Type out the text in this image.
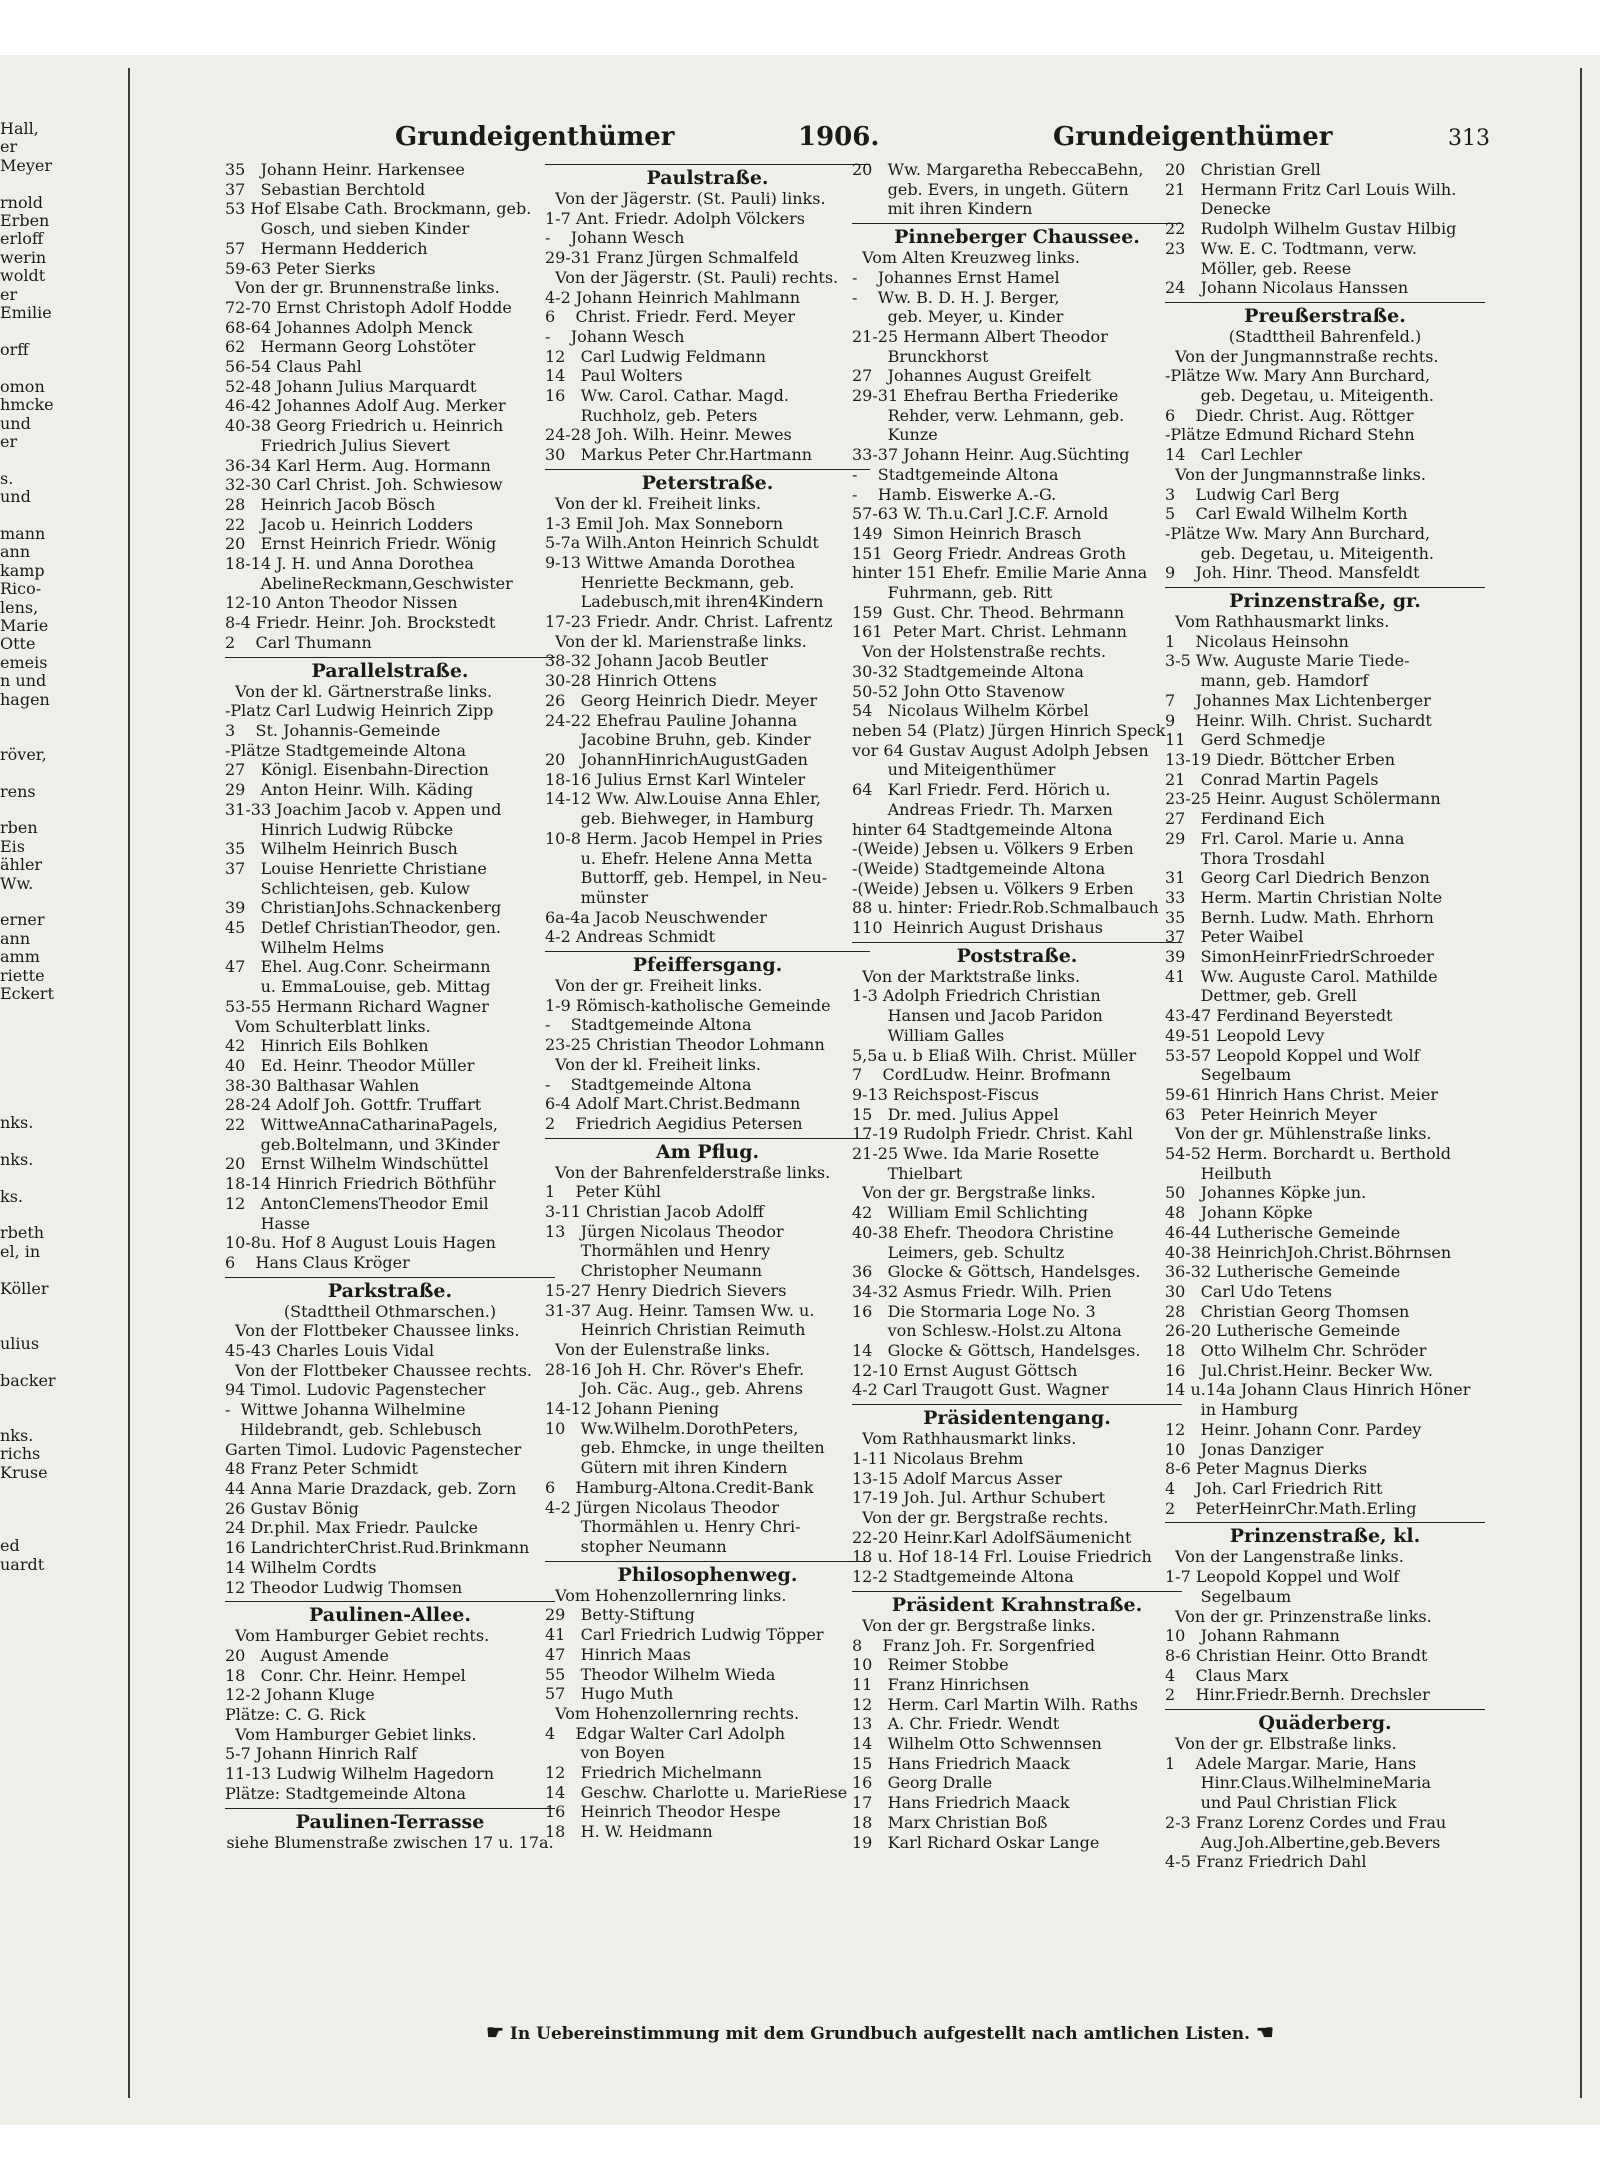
Hall,
er
Meyer

rnold
Erben
erloff
werin
woldt
er
Emilie

orff

omon
hmcke
und
er

s.
und

mann
ann
kamp
Rico-
lens,
Marie
Otte
emeis
n und
hagen

röver,

rens

rben
Eis
ähler
Ww.

erner
ann
amm
riette
Eckert

nks.

nks.

ks.

rbeth
el, in

Köller

ulius

backer

nks.
richs
Kruse

ed
uardt
Grundeigenthümer	1906.	Grundeigenthümer	313
35   Johann Heinr. Harkensee
37   Sebastian Berchtold
53 Hof Elsabe Cath. Brockmann, geb.
Gosch, und sieben Kinder
57   Hermann Hedderich
59-63 Peter Sierks
Von der gr. Brunnenstraße links.
72-70 Ernst Christoph Adolf Hodde
68-64 Johannes Adolph Menck
62   Hermann Georg Lohstöter
56-54 Claus Pahl
52-48 Johann Julius Marquardt
46-42 Johannes Adolf Aug. Merker
40-38 Georg Friedrich u. Heinrich
Friedrich Julius Sievert
36-34 Karl Herm. Aug. Hormann
32-30 Carl Christ. Joh. Schwiesow
28   Heinrich Jacob Bösch
22   Jacob u. Heinrich Lodders
20   Ernst Heinrich Friedr. Wönig
18-14 J. H. und Anna Dorothea
AbelineReckmann,Geschwister
12-10 Anton Theodor Nissen
8-4 Friedr. Heinr. Joh. Brockstedt
2    Carl Thumann
Parallelstraße.
Von der kl. Gärtnerstraße links.
-Platz Carl Ludwig Heinrich Zipp
3    St. Johannis-Gemeinde
-Plätze Stadtgemeinde Altona
27   Königl. Eisenbahn-Direction
29   Anton Heinr. Wilh. Käding
31-33 Joachim Jacob v. Appen und
Hinrich Ludwig Rübcke
35   Wilhelm Heinrich Busch
37   Louise Henriette Christiane
Schlichteisen, geb. Kulow
39   ChristianJohs.Schnackenberg
45   Detlef ChristianTheodor, gen.
Wilhelm Helms
47   Ehel. Aug.Conr. Scheirmann
u. EmmaLouise, geb. Mittag
53-55 Hermann Richard Wagner
Vom Schulterblatt links.
42   Hinrich Eils Bohlken
40   Ed. Heinr. Theodor Müller
38-30 Balthasar Wahlen
28-24 Adolf Joh. Gottfr. Truffart
22   WittweAnnaCatharinaPagels,
geb.Boltelmann, und 3Kinder
20   Ernst Wilhelm Windschüttel
18-14 Hinrich Friedrich Böthführ
12   AntonClemensTheodor Emil
Hasse
10-8u. Hof 8 August Louis Hagen
6    Hans Claus Kröger
Parkstraße.
(Stadttheil Othmarschen.)
Von der Flottbeker Chaussee links.
45-43 Charles Louis Vidal
Von der Flottbeker Chaussee rechts.
94 Timol. Ludovic Pagenstecher
-  Wittwe Johanna Wilhelmine
Hildebrandt, geb. Schlebusch
Garten Timol. Ludovic Pagenstecher
48 Franz Peter Schmidt
44 Anna Marie Drazdack, geb. Zorn
26 Gustav Bönig
24 Dr.phil. Max Friedr. Paulcke
16 LandrichterChrist.Rud.Brinkmann
14 Wilhelm Cordts
12 Theodor Ludwig Thomsen
Paulinen-Allee.
Vom Hamburger Gebiet rechts.
20   August Amende
18   Conr. Chr. Heinr. Hempel
12-2 Johann Kluge
Plätze: C. G. Rick
Vom Hamburger Gebiet links.
5-7 Johann Hinrich Ralf
11-13 Ludwig Wilhelm Hagedorn
Plätze: Stadtgemeinde Altona
Paulinen-Terrasse
siehe Blumenstraße zwischen 17 u. 17a.
Paulstraße.
Von der Jägerstr. (St. Pauli) links.
1-7 Ant. Friedr. Adolph Völckers
-    Johann Wesch
29-31 Franz Jürgen Schmalfeld
Von der Jägerstr. (St. Pauli) rechts.
4-2 Johann Heinrich Mahlmann
6    Christ. Friedr. Ferd. Meyer
-    Johann Wesch
12   Carl Ludwig Feldmann
14   Paul Wolters
16   Ww. Carol. Cathar. Magd.
Ruchholz, geb. Peters
24-28 Joh. Wilh. Heinr. Mewes
30   Markus Peter Chr.Hartmann
Peterstraße.
Von der kl. Freiheit links.
1-3 Emil Joh. Max Sonneborn
5-7a Wilh.Anton Heinrich Schuldt
9-13 Wittwe Amanda Dorothea
Henriette Beckmann, geb.
Ladebusch,mit ihren4Kindern
17-23 Friedr. Andr. Christ. Lafrentz
Von der kl. Marienstraße links.
38-32 Johann Jacob Beutler
30-28 Hinrich Ottens
26   Georg Heinrich Diedr. Meyer
24-22 Ehefrau Pauline Johanna
Jacobine Bruhn, geb. Kinder
20   JohannHinrichAugustGaden
18-16 Julius Ernst Karl Winteler
14-12 Ww. Alw.Louise Anna Ehler,
geb. Biehweger, in Hamburg
10-8 Herm. Jacob Hempel in Pries
u. Ehefr. Helene Anna Metta
Buttorff, geb. Hempel, in Neu-
münster
6a-4a Jacob Neuschwender
4-2 Andreas Schmidt
Pfeiffersgang.
Von der gr. Freiheit links.
1-9 Römisch-katholische Gemeinde
-    Stadtgemeinde Altona
23-25 Christian Theodor Lohmann
Von der kl. Freiheit links.
-    Stadtgemeinde Altona
6-4 Adolf Mart.Christ.Bedmann
2    Friedrich Aegidius Petersen
Am Pflug.
Von der Bahrenfelderstraße links.
1    Peter Kühl
3-11 Christian Jacob Adolff
13   Jürgen Nicolaus Theodor
Thormählen und Henry
Christopher Neumann
15-27 Henry Diedrich Sievers
31-37 Aug. Heinr. Tamsen Ww. u.
Heinrich Christian Reimuth
Von der Eulenstraße links.
28-16 Joh H. Chr. Röver's Ehefr.
Joh. Cäc. Aug., geb. Ahrens
14-12 Johann Piening
10   Ww.Wilhelm.DorothPeters,
geb. Ehmcke, in unge theilten
Gütern mit ihren Kindern
6    Hamburg-Altona.Credit-Bank
4-2 Jürgen Nicolaus Theodor
Thormählen u. Henry Chri-
stopher Neumann
Philosophenweg.
Vom Hohenzollernring links.
29   Betty-Stiftung
41   Carl Friedrich Ludwig Töpper
47   Hinrich Maas
55   Theodor Wilhelm Wieda
57   Hugo Muth
Vom Hohenzollernring rechts.
4    Edgar Walter Carl Adolph
von Boyen
12   Friedrich Michelmann
14   Geschw. Charlotte u. MarieRiese
16   Heinrich Theodor Hespe
18   H. W. Heidmann
20   Ww. Margaretha RebeccaBehn,
geb. Evers, in ungeth. Gütern
mit ihren Kindern
Pinneberger Chaussee.
Vom Alten Kreuzweg links.
-    Johannes Ernst Hamel
-    Ww. B. D. H. J. Berger,
geb. Meyer, u. Kinder
21-25 Hermann Albert Theodor
Brunckhorst
27   Johannes August Greifelt
29-31 Ehefrau Bertha Friederike
Rehder, verw. Lehmann, geb.
Kunze
33-37 Johann Heinr. Aug.Süchting
-    Stadtgemeinde Altona
-    Hamb. Eiswerke A.-G.
57-63 W. Th.u.Carl J.C.F. Arnold
149  Simon Heinrich Brasch
151  Georg Friedr. Andreas Groth
hinter 151 Ehefr. Emilie Marie Anna
Fuhrmann, geb. Ritt
159  Gust. Chr. Theod. Behrmann
161  Peter Mart. Christ. Lehmann
Von der Holstenstraße rechts.
30-32 Stadtgemeinde Altona
50-52 John Otto Stavenow
54   Nicolaus Wilhelm Körbel
neben 54 (Platz) Jürgen Hinrich Speck
vor 64 Gustav August Adolph Jebsen
und Miteigenthümer
64   Karl Friedr. Ferd. Hörich u.
Andreas Friedr. Th. Marxen
hinter 64 Stadtgemeinde Altona
-(Weide) Jebsen u. Völkers 9 Erben
-(Weide) Stadtgemeinde Altona
-(Weide) Jebsen u. Völkers 9 Erben
88 u. hinter: Friedr.Rob.Schmalbauch
110  Heinrich August Drishaus
Poststraße.
Von der Marktstraße links.
1-3 Adolph Friedrich Christian
Hansen und Jacob Paridon
William Galles
5,5a u. b Eliaß Wilh. Christ. Müller
7    CordLudw. Heinr. Brofmann
9-13 Reichspost-Fiscus
15   Dr. med. Julius Appel
17-19 Rudolph Friedr. Christ. Kahl
21-25 Wwe. Ida Marie Rosette
Thielbart
Von der gr. Bergstraße links.
42   William Emil Schlichting
40-38 Ehefr. Theodora Christine
Leimers, geb. Schultz
36   Glocke & Göttsch, Handelsges.
34-32 Asmus Friedr. Wilh. Prien
16   Die Stormaria Loge No. 3
von Schlesw.-Holst.zu Altona
14   Glocke & Göttsch, Handelsges.
12-10 Ernst August Göttsch
4-2 Carl Traugott Gust. Wagner
Präsidentengang.
Vom Rathhausmarkt links.
1-11 Nicolaus Brehm
13-15 Adolf Marcus Asser
17-19 Joh. Jul. Arthur Schubert
Von der gr. Bergstraße rechts.
22-20 Heinr.Karl AdolfSäumenicht
18 u. Hof 18-14 Frl. Louise Friedrich
12-2 Stadtgemeinde Altona
Präsident Krahnstraße.
Von der gr. Bergstraße links.
8    Franz Joh. Fr. Sorgenfried
10   Reimer Stobbe
11   Franz Hinrichsen
12   Herm. Carl Martin Wilh. Raths
13   A. Chr. Friedr. Wendt
14   Wilhelm Otto Schwennsen
15   Hans Friedrich Maack
16   Georg Dralle
17   Hans Friedrich Maack
18   Marx Christian Boß
19   Karl Richard Oskar Lange
20   Christian Grell
21   Hermann Fritz Carl Louis Wilh.
Denecke
22   Rudolph Wilhelm Gustav Hilbig
23   Ww. E. C. Todtmann, verw.
Möller, geb. Reese
24   Johann Nicolaus Hanssen
Preußerstraße.
(Stadttheil Bahrenfeld.)
Von der Jungmannstraße rechts.
-Plätze Ww. Mary Ann Burchard,
geb. Degetau, u. Miteigenth.
6    Diedr. Christ. Aug. Röttger
-Plätze Edmund Richard Stehn
14   Carl Lechler
Von der Jungmannstraße links.
3    Ludwig Carl Berg
5    Carl Ewald Wilhelm Korth
-Plätze Ww. Mary Ann Burchard,
geb. Degetau, u. Miteigenth.
9    Joh. Hinr. Theod. Mansfeldt
Prinzenstraße, gr.
Vom Rathhausmarkt links.
1    Nicolaus Heinsohn
3-5 Ww. Auguste Marie Tiede-
mann, geb. Hamdorf
7    Johannes Max Lichtenberger
9    Heinr. Wilh. Christ. Suchardt
11   Gerd Schmedje
13-19 Diedr. Böttcher Erben
21   Conrad Martin Pagels
23-25 Heinr. August Schölermann
27   Ferdinand Eich
29   Frl. Carol. Marie u. Anna
Thora Trosdahl
31   Georg Carl Diedrich Benzon
33   Herm. Martin Christian Nolte
35   Bernh. Ludw. Math. Ehrhorn
37   Peter Waibel
39   SimonHeinrFriedrSchroeder
41   Ww. Auguste Carol. Mathilde
Dettmer, geb. Grell
43-47 Ferdinand Beyerstedt
49-51 Leopold Levy
53-57 Leopold Koppel und Wolf
Segelbaum
59-61 Hinrich Hans Christ. Meier
63   Peter Heinrich Meyer
Von der gr. Mühlenstraße links.
54-52 Herm. Borchardt u. Berthold
Heilbuth
50   Johannes Köpke jun.
48   Johann Köpke
46-44 Lutherische Gemeinde
40-38 HeinrichJoh.Christ.Böhrnsen
36-32 Lutherische Gemeinde
30   Carl Udo Tetens
28   Christian Georg Thomsen
26-20 Lutherische Gemeinde
18   Otto Wilhelm Chr. Schröder
16   Jul.Christ.Heinr. Becker Ww.
14 u.14a Johann Claus Hinrich Höner
in Hamburg
12   Heinr. Johann Conr. Pardey
10   Jonas Danziger
8-6 Peter Magnus Dierks
4    Joh. Carl Friedrich Ritt
2    PeterHeinrChr.Math.Erling
Prinzenstraße, kl.
Von der Langenstraße links.
1-7 Leopold Koppel und Wolf
Segelbaum
Von der gr. Prinzenstraße links.
10   Johann Rahmann
8-6 Christian Heinr. Otto Brandt
4    Claus Marx
2    Hinr.Friedr.Bernh. Drechsler
Quäderberg.
Von der gr. Elbstraße links.
1    Adele Margar. Marie, Hans
Hinr.Claus.WilhelmineMaria
und Paul Christian Flick
2-3 Franz Lorenz Cordes und Frau
Aug.Joh.Albertine,geb.Bevers
4-5 Franz Friedrich Dahl
☛ In Uebereinstimmung mit dem Grundbuch aufgestellt nach amtlichen Listen. ☚
